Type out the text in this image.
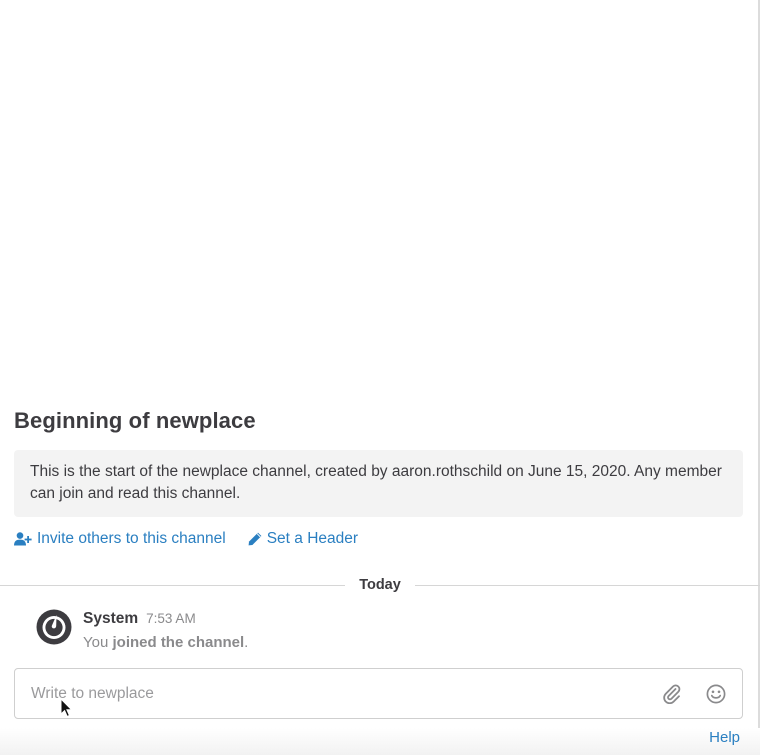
Beginning of newplace
This is the start of the newplace channel, created by aaron.rothschild on June 15, 2020. Any member can join and read this channel.
Invite others to this channel	Set a Header
Today
System 7:53 AM
You joined the channel.
Write to newplace
Help
